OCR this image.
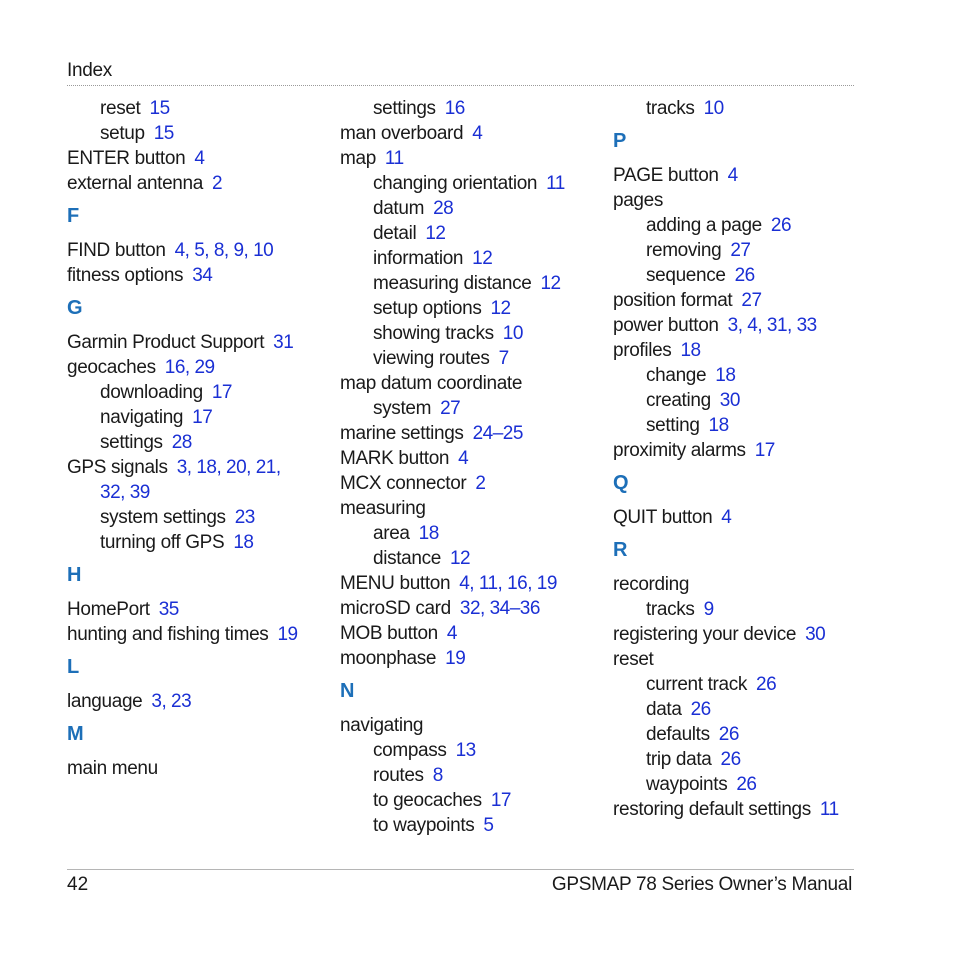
Index
reset 15
setup 15
ENTER button 4
external antenna 2
F
FIND button 4, 5, 8, 9, 10
fitness options 34
G
Garmin Product Support 31
geocaches 16, 29
downloading 17
navigating 17
settings 28
GPS signals 3, 18, 20, 21,
32, 39
system settings 23
turning off GPS 18
H
HomePort 35
hunting and fishing times 19
L
language 3, 23
M
main menu
settings 16
man overboard 4
map 11
changing orientation 11
datum 28
detail 12
information 12
measuring distance 12
setup options 12
showing tracks 10
viewing routes 7
map datum coordinate
system 27
marine settings 24–25
MARK button 4
MCX connector 2
measuring
area 18
distance 12
MENU button 4, 11, 16, 19
microSD card 32, 34–36
MOB button 4
moonphase 19
N
navigating
compass 13
routes 8
to geocaches 17
to waypoints 5
tracks 10
P
PAGE button 4
pages
adding a page 26
removing 27
sequence 26
position format 27
power button 3, 4, 31, 33
profiles 18
change 18
creating 30
setting 18
proximity alarms 17
Q
QUIT button 4
R
recording
tracks 9
registering your device 30
reset
current track 26
data 26
defaults 26
trip data 26
waypoints 26
restoring default settings 11
42	GPSMAP 78 Series Owner’s Manual
